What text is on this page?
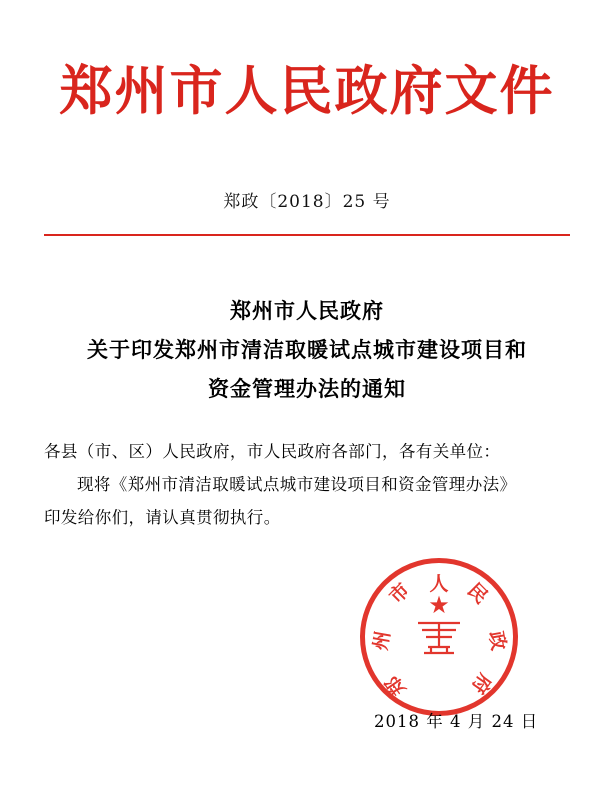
郑州市人民政府文件
郑政〔2018〕25 号
郑州市人民政府
关于印发郑州市清洁取暖试点城市建设项目和
资金管理办法的通知
各县（市、区）人民政府，市人民政府各部门，各有关单位：
现将《郑州市清洁取暖试点城市建设项目和资金管理办法》
印发给你们，请认真贯彻执行。
★
人 民
政
府
郑
州
市
2018 年 4 月 24 日
